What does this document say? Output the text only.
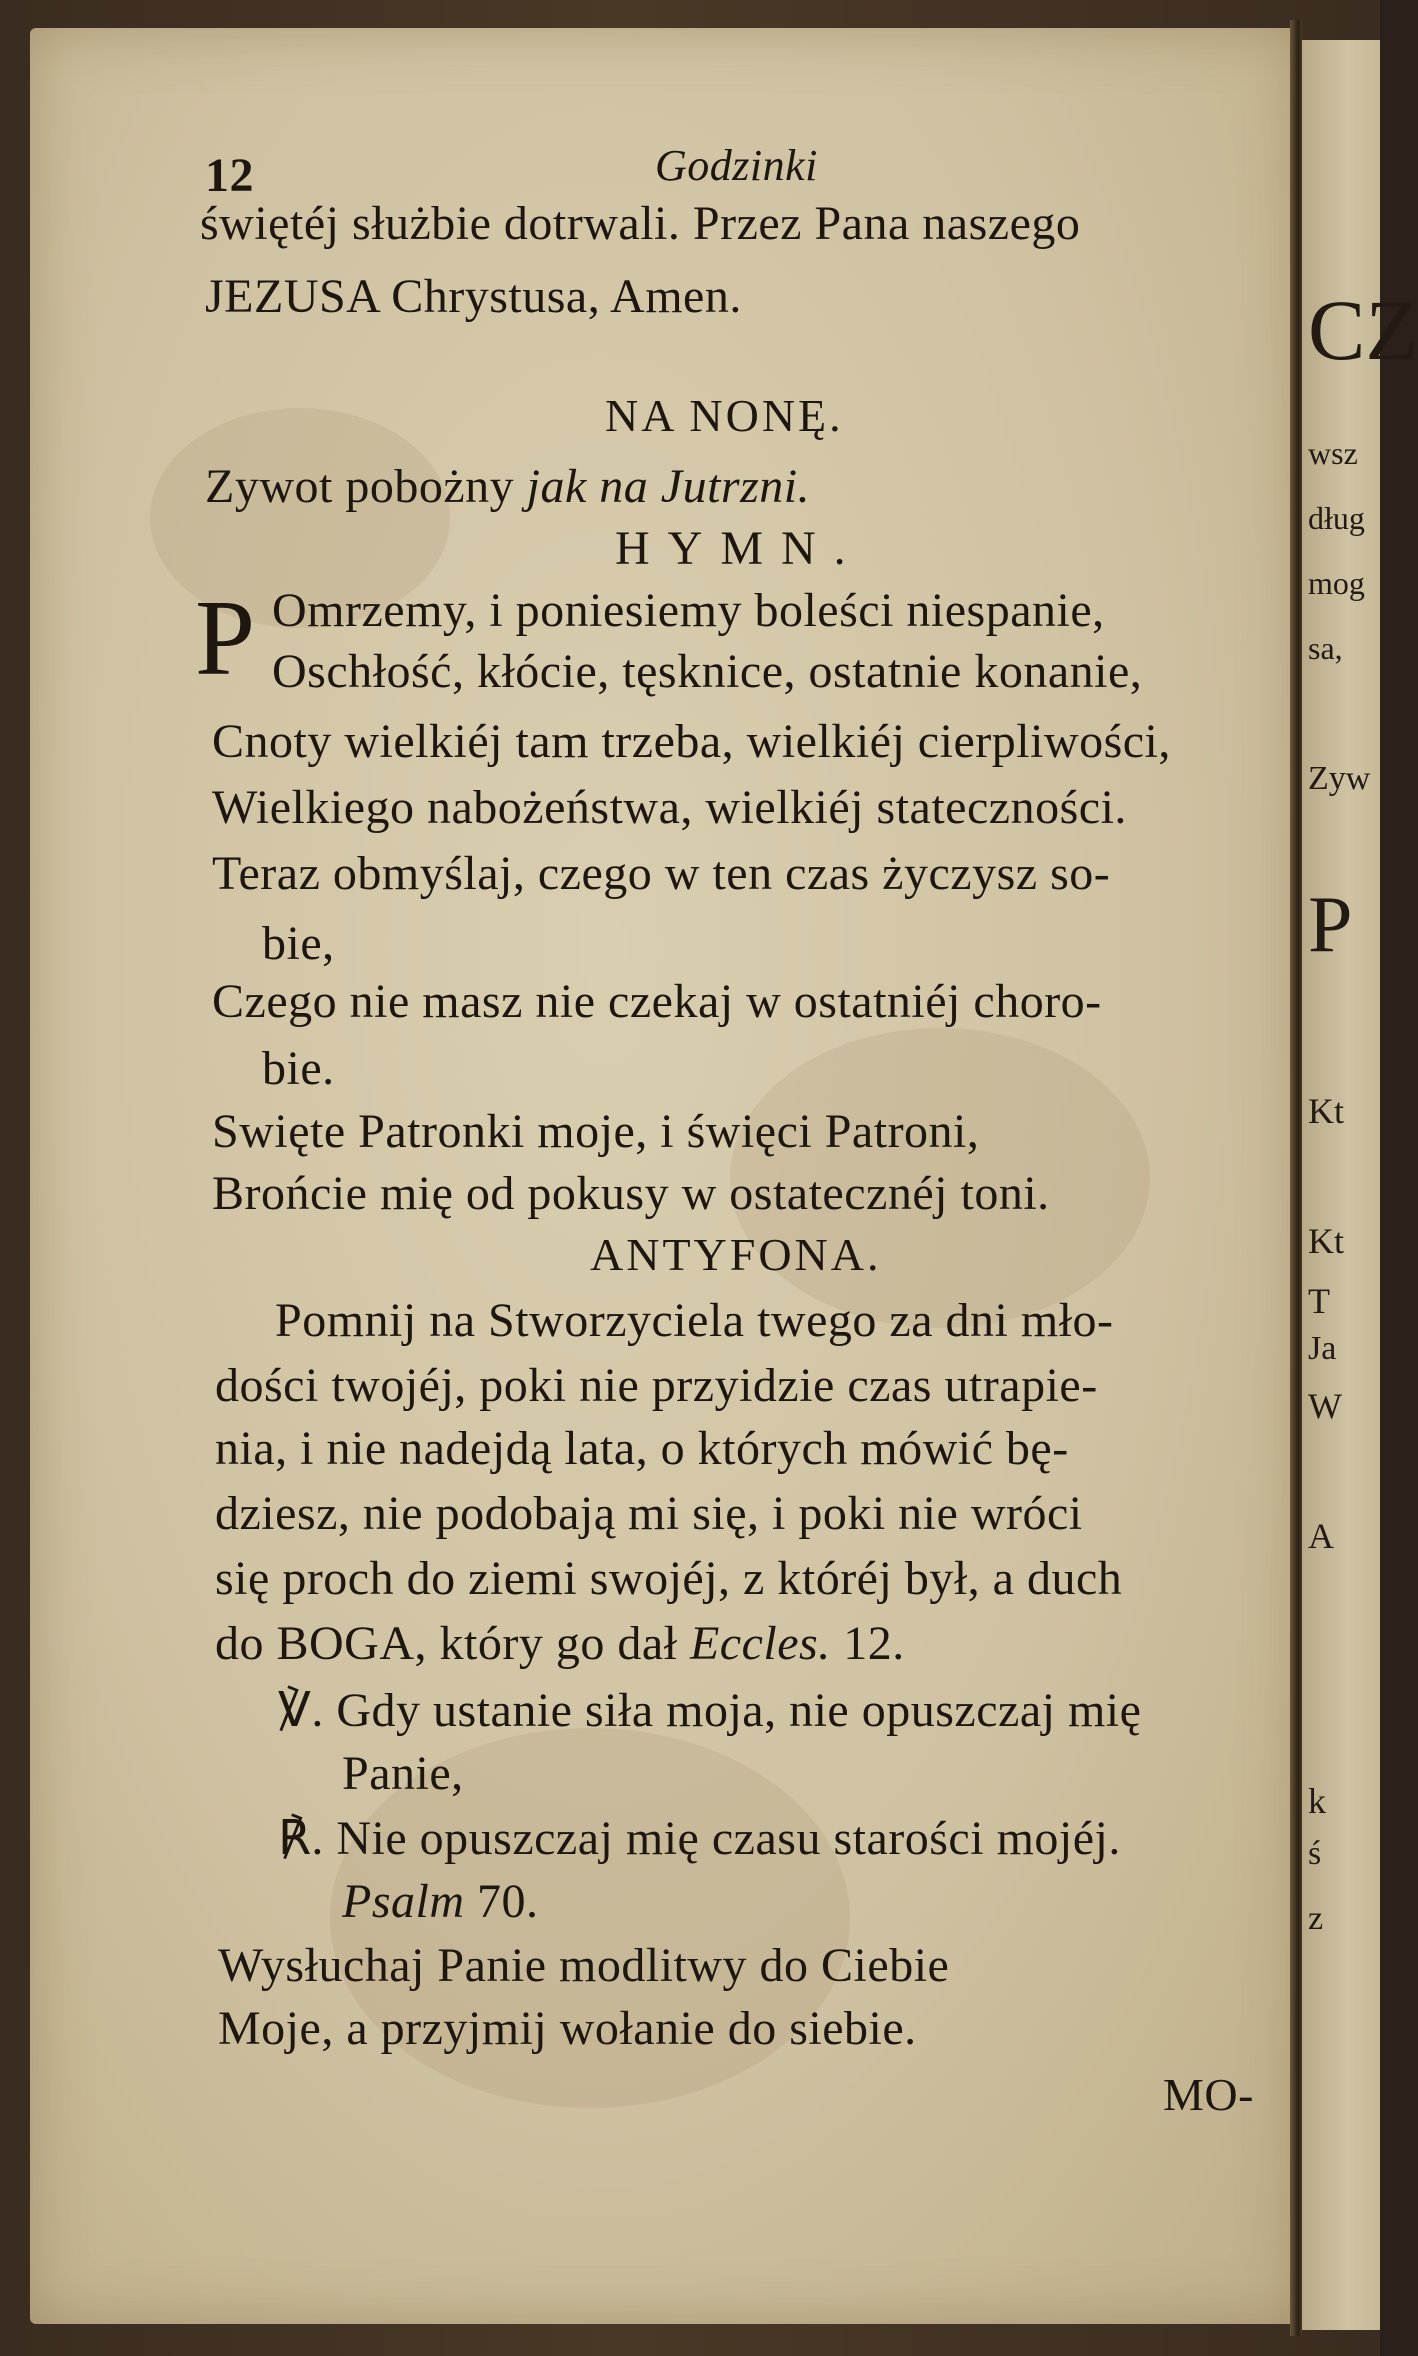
12	Godzinki
świętéj służbie dotrwali. Przez Pana naszego
JEZUSA Chrystusa, Amen.
NA NONĘ.
Zywot pobożny jak na Jutrzni.
HYMN.
P Omrzemy, i poniesiemy boleści niespanie,
Oschłość, kłócie, tęsknice, ostatnie konanie,
Cnoty wielkiéj tam trzeba, wielkiéj cierpliwości,
Wielkiego nabożeństwa, wielkiéj stateczności.
Teraz obmyślaj, czego w ten czas życzysz so-
bie,
Czego nie masz nie czekaj w ostatniéj choro-
bie.
Swięte Patronki moje, i święci Patroni,
Brońcie mię od pokusy w ostatecznéj toni.
ANTYFONA.
Pomnij na Stworzyciela twego za dni mło-
dości twojéj, poki nie przyidzie czas utrapie-
nia, i nie nadejdą lata, o których mówić bę-
dziesz, nie podobają mi się, i poki nie wróci
się proch do ziemi swojéj, z któréj był, a duch
do BOGA, który go dał Eccles. 12.
℣. Gdy ustanie siła moja, nie opuszczaj mię
Panie,
℟. Nie opuszczaj mię czasu starości mojéj.
Psalm 70.
Wysłuchaj Panie modlitwy do Ciebie
Moje, a przyjmij wołanie do siebie.
MO-
CZ
wsz
dług
mog
sa,
Zyw
P
Kt
Kt
T
Ja
W
A
k
ś
z
